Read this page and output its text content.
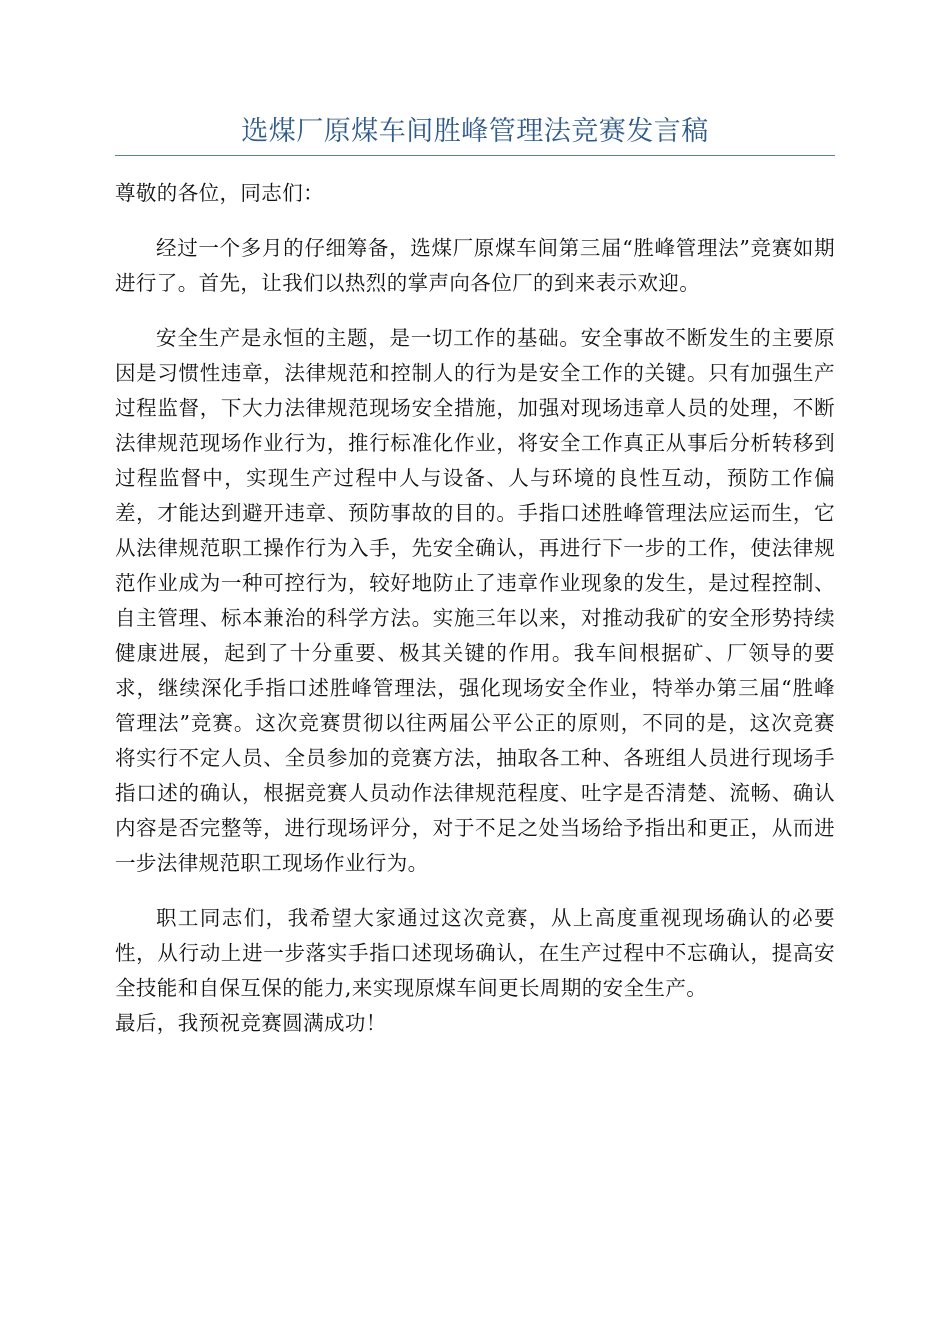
选煤厂原煤车间胜峰管理法竞赛发言稿

尊敬的各位，同志们：

经过一个多月的仔细筹备，选煤厂原煤车间第三届“胜峰管理法”竞赛如期进行了。首先，让我们以热烈的掌声向各位厂的到来表示欢迎。

安全生产是永恒的主题，是一切工作的基础。安全事故不断发生的主要原因是习惯性违章，法律规范和控制人的行为是安全工作的关键。只有加强生产过程监督，下大力法律规范现场安全措施，加强对现场违章人员的处理，不断法律规范现场作业行为，推行标准化作业，将安全工作真正从事后分析转移到过程监督中，实现生产过程中人与设备、人与环境的良性互动，预防工作偏差，才能达到避开违章、预防事故的目的。手指口述胜峰管理法应运而生，它从法律规范职工操作行为入手，先安全确认，再进行下一步的工作，使法律规范作业成为一种可控行为，较好地防止了违章作业现象的发生，是过程控制、自主管理、标本兼治的科学方法。实施三年以来，对推动我矿的安全形势持续健康进展，起到了十分重要、极其关键的作用。我车间根据矿、厂领导的要求，继续深化手指口述胜峰管理法，强化现场安全作业，特举办第三届“胜峰管理法”竞赛。这次竞赛贯彻以往两届公平公正的原则，不同的是，这次竞赛将实行不定人员、全员参加的竞赛方法，抽取各工种、各班组人员进行现场手指口述的确认，根据竞赛人员动作法律规范程度、吐字是否清楚、流畅、确认内容是否完整等，进行现场评分，对于不足之处当场给予指出和更正，从而进一步法律规范职工现场作业行为。

职工同志们，我希望大家通过这次竞赛，从上高度重视现场确认的必要性，从行动上进一步落实手指口述现场确认，在生产过程中不忘确认，提高安全技能和自保互保的能力,来实现原煤车间更长周期的安全生产。

最后，我预祝竞赛圆满成功！
